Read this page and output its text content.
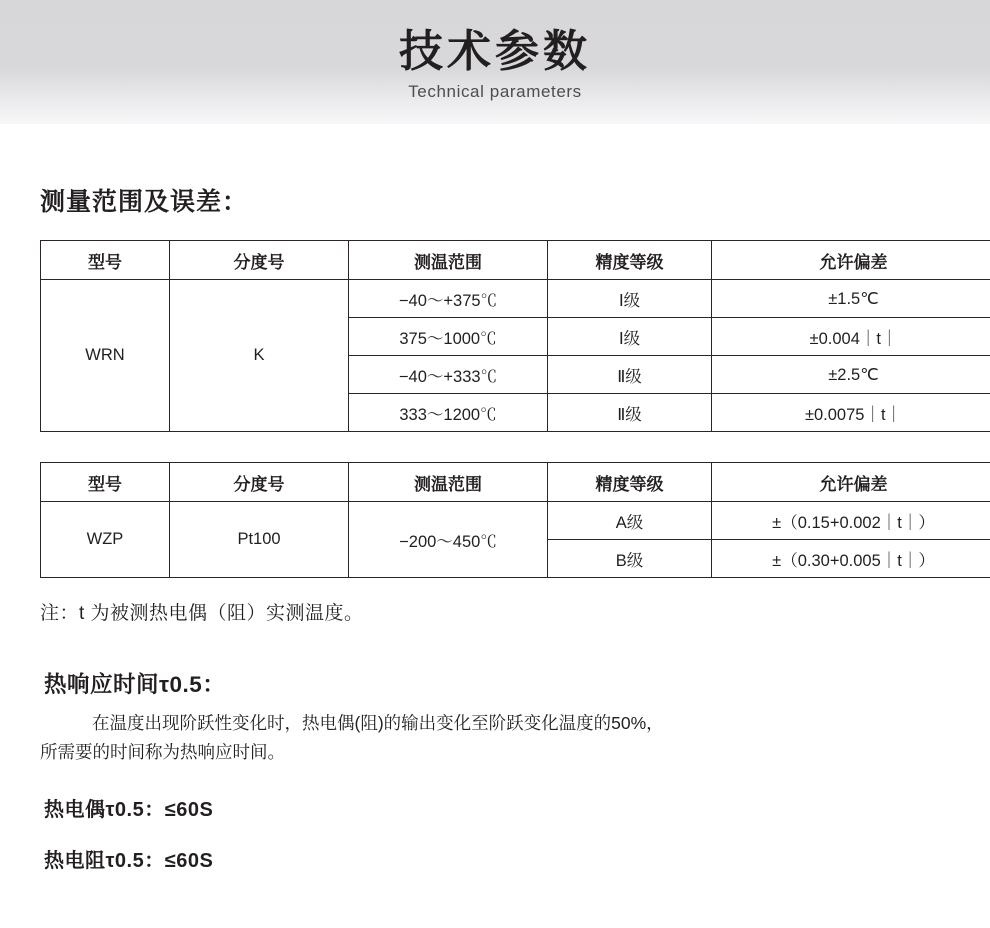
技术参数
Technical parameters
测量范围及误差：
型号	分度号	测温范围	精度等级	允许偏差
WRN	K	−40～+375℃	Ⅰ级	±1.5℃
		375～1000℃	Ⅰ级	±0.004｜t｜
		−40～+333℃	Ⅱ级	±2.5℃
		333～1200℃	Ⅱ级	±0.0075｜t｜
型号	分度号	测温范围	精度等级	允许偏差
WZP	Pt100	−200～450℃	A级	±（0.15+0.002｜t｜）
			B级	±（0.30+0.005｜t｜）
注：t 为被测热电偶（阻）实测温度。
热响应时间τ0.5：

在温度出现阶跃性变化时，热电偶(阻)的输出变化至阶跃变化温度的50%，
所需要的时间称为热响应时间。

热电偶τ0.5：≤60S
热电阻τ0.5：≤60S
